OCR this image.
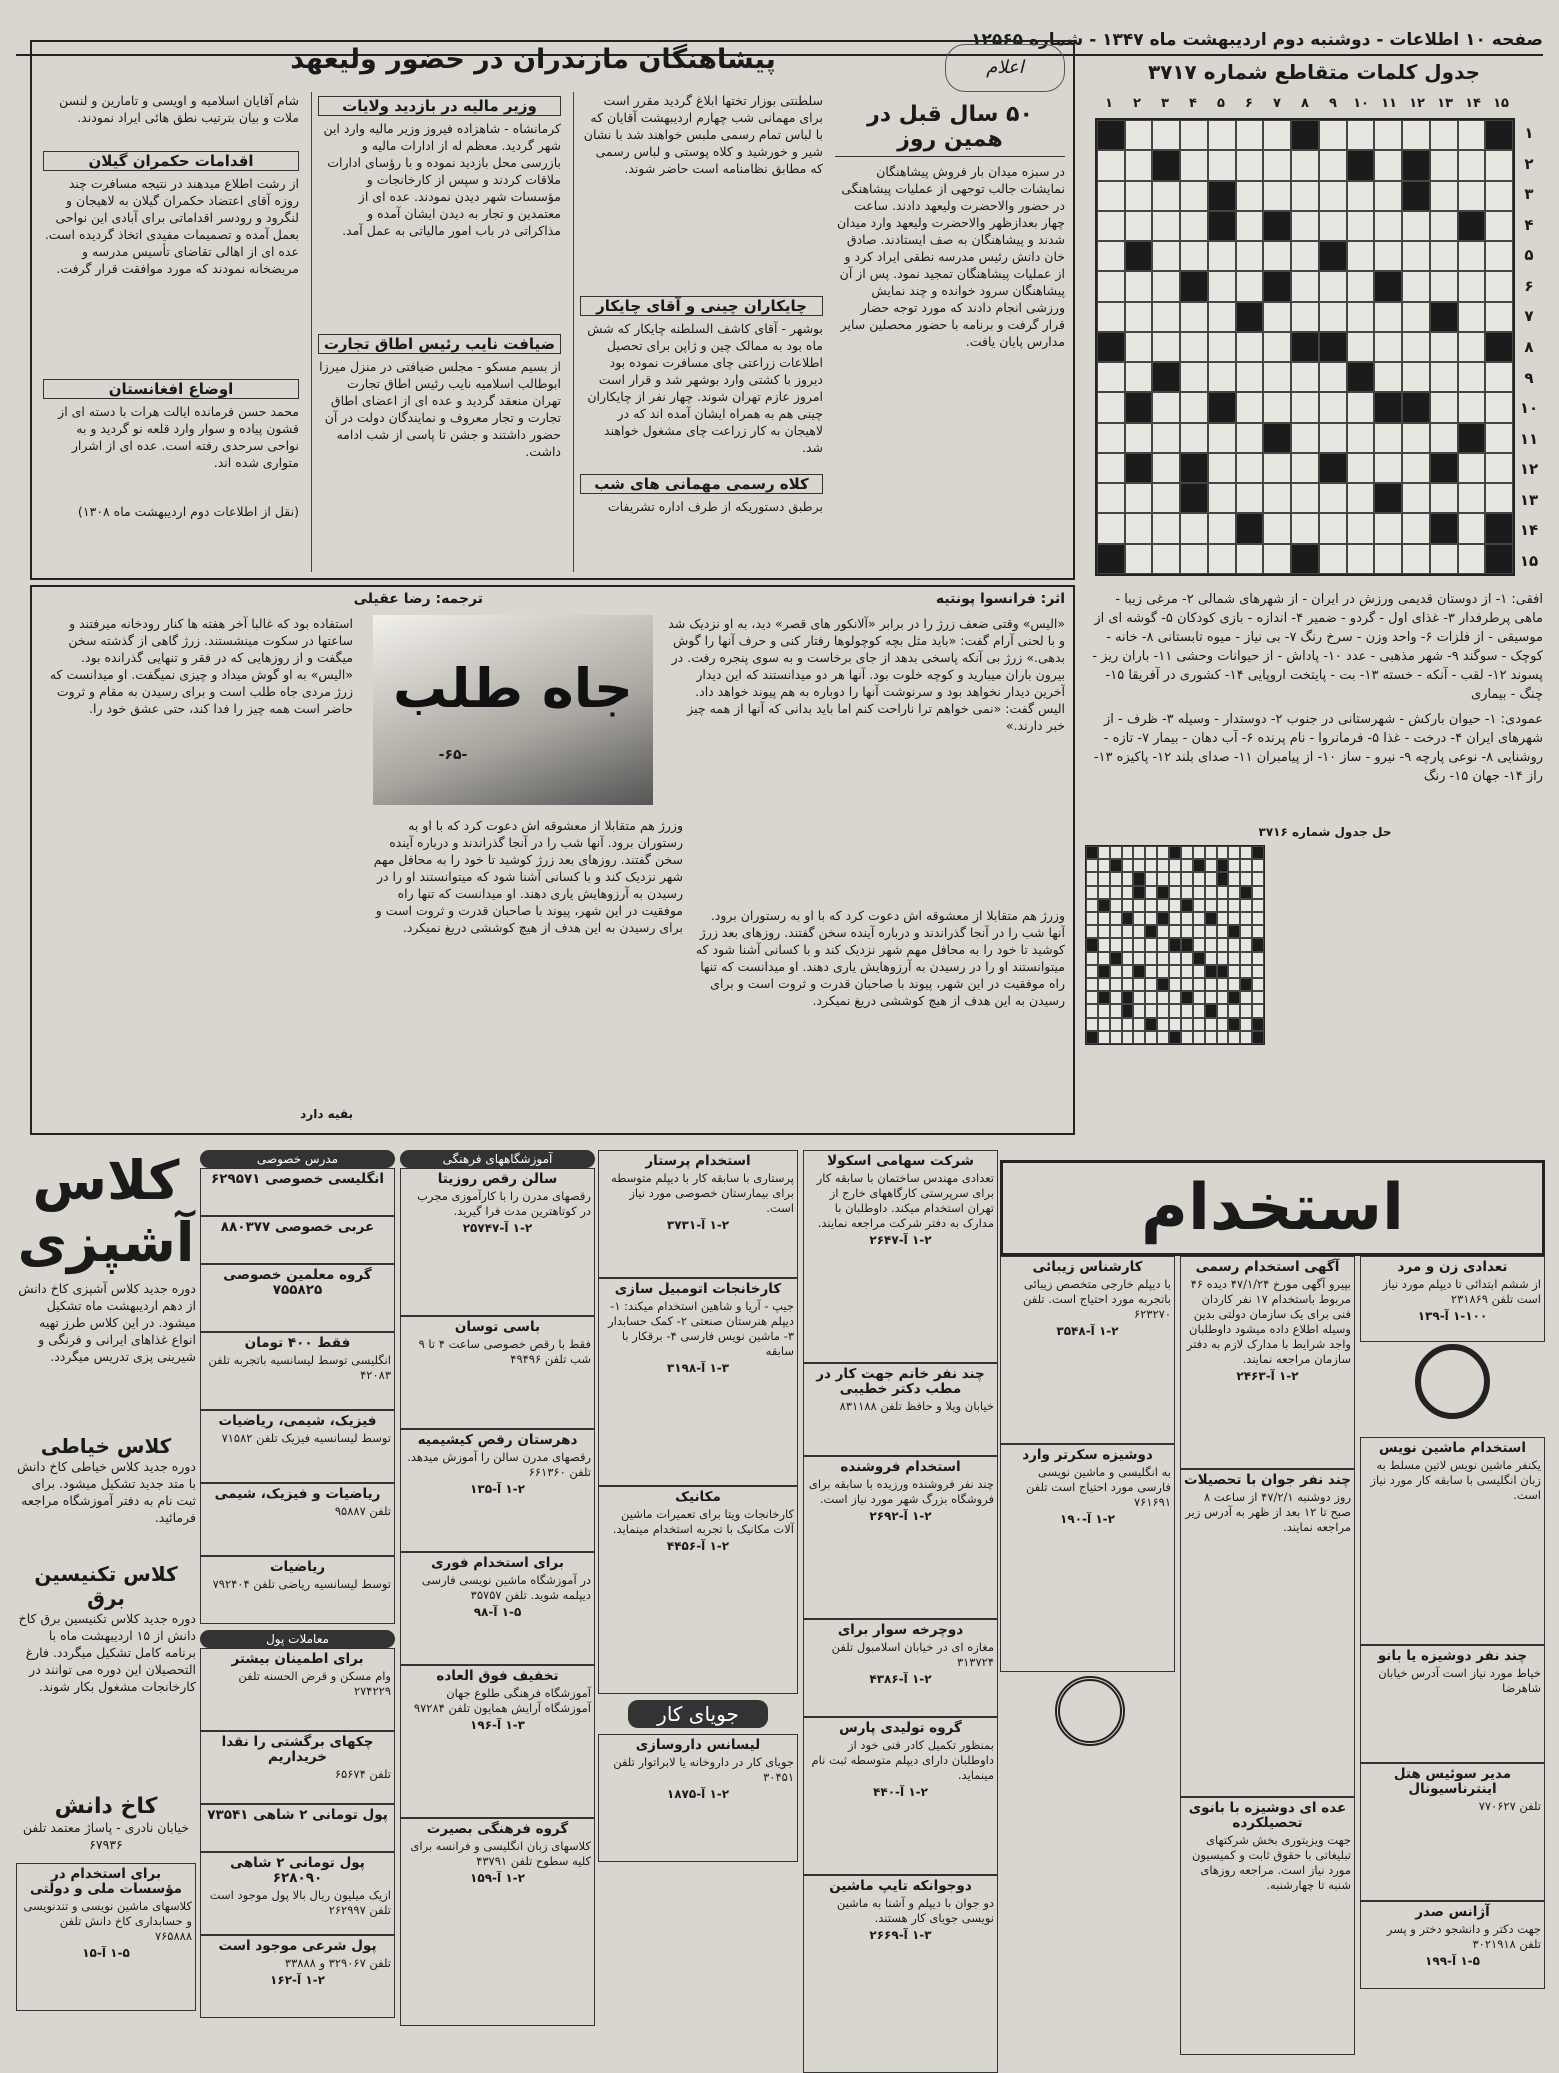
صفحه ۱۰ اطلاعات - دوشنبه دوم اردیبهشت ماه ۱۳۴۷ - شماره ۱۲۵۶۵
جدول کلمات متقاطع شماره ۳۷۱۷
۱۵
۱۴
۱۳
۱۲
۱۱
۱۰
۹
۸
۷
۶
۵
۴
۳
۲
۱
۱
۲
۳
۴
۵
۶
۷
۸
۹
۱۰
۱۱
۱۲
۱۳
۱۴
۱۵
افقی: ۱- از دوستان قدیمی ورزش در ایران - از شهرهای شمالی ۲- مرغی زیبا - ماهی پرطرفدار ۳- غذای اول - گردو - ضمیر ۴- اندازه - بازی کودکان ۵- گوشه ای از موسیقی - از فلزات ۶- واحد وزن - سرخ رنگ ۷- بی نیاز - میوه تابستانی ۸- خانه - کوچک - سوگند ۹- شهر مذهبی - عدد ۱۰- پاداش - از حیوانات وحشی ۱۱- باران ریز - پسوند ۱۲- لقب - آنکه - خسته ۱۳- بت - پایتخت اروپایی ۱۴- کشوری در آفریقا ۱۵- چنگ - بیماری
عمودی: ۱- حیوان بارکش - شهرستانی در جنوب ۲- دوستدار - وسیله ۳- ظرف - از شهرهای ایران ۴- درخت - غذا ۵- فرمانروا - نام پرنده ۶- آب دهان - بیمار ۷- تازه - روشنایی ۸- نوعی پارچه ۹- نیرو - ساز ۱۰- از پیامبران ۱۱- صدای بلند ۱۲- پاکیزه ۱۳- راز ۱۴- جهان ۱۵- رنگ
حل جدول شماره ۳۷۱۶
پیشاهنگان مازندران در حضور ولیعهد	اعلام
۵۰ سال قبل در همین روز
در سبزه میدان بار فروش پیشاهنگان نمایشات جالب توجهی از عملیات پیشاهنگی در حضور والاحضرت ولیعهد دادند. ساعت چهار بعدازظهر والاحضرت ولیعهد وارد میدان شدند و پیشاهنگان به صف ایستادند. صادق خان دانش رئیس مدرسه نطقی ایراد کرد و از عملیات پیشاهنگان تمجید نمود. پس از آن پیشاهنگان سرود خوانده و چند نمایش ورزشی انجام دادند که مورد توجه حضار قرار گرفت و برنامه با حضور محصلین سایر مدارس پایان یافت.
سلطنتی بوزار تختها ابلاغ گردید مقرر است برای مهمانی شب چهارم اردیبهشت آقایان که با لباس تمام رسمی ملبس خواهند شد با نشان شیر و خورشید و کلاه پوستی و لباس رسمی که مطابق نظامنامه است حاضر شوند.
چایکاران چینی و آقای چایکار
بوشهر - آقای کاشف السلطنه چایکار که شش ماه بود به ممالک چین و ژاپن برای تحصیل اطلاعات زراعتی چای مسافرت نموده بود دیروز با کشتی وارد بوشهر شد و قرار است امروز عازم تهران شوند. چهار نفر از چایکاران چینی هم به همراه ایشان آمده اند که در لاهیجان به کار زراعت چای مشغول خواهند شد.
کلاه رسمی مهمانی های شب
برطبق دستوریکه از طرف اداره تشریفات
وزیر مالیه در بازدید ولایات
کرمانشاه - شاهزاده فیروز وزیر مالیه وارد این شهر گردید. معظم له از ادارات مالیه و بازرسی محل بازدید نموده و با رؤسای ادارات ملاقات کردند و سپس از کارخانجات و مؤسسات شهر دیدن نمودند. عده ای از معتمدین و تجار به دیدن ایشان آمده و مذاکراتی در باب امور مالیاتی به عمل آمد.
ضیافت نایب رئیس اطاق تجارت
از بسیم مسکو - مجلس ضیافتی در منزل میرزا ابوطالب اسلامیه نایب رئیس اطاق تجارت تهران منعقد گردید و عده ای از اعضای اطاق تجارت و تجار معروف و نمایندگان دولت در آن حضور داشتند و جشن تا پاسی از شب ادامه داشت.
شام آقایان اسلامیه و اویسی و تامارین و لنسن ملات و بیان بترتیب نطق هائی ایراد نمودند.
اقدامات حکمران گیلان
از رشت اطلاع میدهند در نتیجه مسافرت چند روزه آقای اعتضاد حکمران گیلان به لاهیجان و لنگرود و رودسر اقداماتی برای آبادی این نواحی بعمل آمده و تصمیمات مفیدی اتخاذ گردیده است. عده ای از اهالی تقاضای تأسیس مدرسه و مریضخانه نمودند که مورد موافقت قرار گرفت.
اوضاع افغانستان
محمد حسن فرمانده ایالت هرات با دسته ای از قشون پیاده و سوار وارد قلعه نو گردید و به نواحی سرحدی رفته است. عده ای از اشرار متواری شده اند.
(نقل از اطلاعات دوم اردیبهشت ماه ۱۳۰۸)
اثر: فرانسوا پونتیه
ترجمه: رضا عقیلی
جاه طلب
-۶۵-
«الیس» وقتی ضعف زرژ را در برابر «آلانکور های قصر» دید، به او نزدیک شد و با لحنی آرام گفت: «باید مثل بچه کوچولوها رفتار کنی و حرف آنها را گوش بدهی.» زرژ بی آنکه پاسخی بدهد از جای برخاست و به سوی پنجره رفت. در بیرون باران میبارید و کوچه خلوت بود. آنها هر دو میدانستند که این دیدار آخرین دیدار نخواهد بود و سرنوشت آنها را دوباره به هم پیوند خواهد داد. الیس گفت: «نمی خواهم ترا ناراحت کنم اما باید بدانی که آنها از همه چیز خبر دارند.»
وزرژ هم متقابلا از معشوقه اش دعوت کرد که با او به رستوران برود. آنها شب را در آنجا گذراندند و درباره آینده سخن گفتند. روزهای بعد زرژ کوشید تا خود را به محافل مهم شهر نزدیک کند و با کسانی آشنا شود که میتوانستند او را در رسیدن به آرزوهایش یاری دهند. او میدانست که تنها راه موفقیت در این شهر، پیوند با صاحبان قدرت و ثروت است و برای رسیدن به این هدف از هیچ کوششی دریغ نمیکرد.
وزرژ هم متقابلا از معشوقه اش دعوت کرد که با او به رستوران برود. آنها شب را در آنجا گذراندند و درباره آینده سخن گفتند. روزهای بعد زرژ کوشید تا خود را به محافل مهم شهر نزدیک کند و با کسانی آشنا شود که میتوانستند او را در رسیدن به آرزوهایش یاری دهند. او میدانست که تنها راه موفقیت در این شهر، پیوند با صاحبان قدرت و ثروت است و برای رسیدن به این هدف از هیچ کوششی دریغ نمیکرد.
استفاده بود که غالبا آخر هفته ها کنار رودخانه میرفتند و ساعتها در سکوت مینشستند. زرژ گاهی از گذشته سخن میگفت و از روزهایی که در فقر و تنهایی گذرانده بود. «الیس» به او گوش میداد و چیزی نمیگفت. او میدانست که زرژ مردی جاه طلب است و برای رسیدن به مقام و ثروت حاضر است همه چیز را فدا کند، حتی عشق خود را.
بقیه دارد
استخدام
تعدادی زن و مرد
از ششم ابتدائی تا دیپلم مورد نیاز است تلفن ۲۳۱۸۶۹
۱-۱۰۰ آ-۱۳۹
استخدام ماشین نویس
یکنفر ماشین نویس لاتین مسلط به زبان انگلیسی با سابقه کار مورد نیاز است.
چند نفر دوشیزه یا بانو
خیاط مورد نیاز است آدرس خیابان شاهرضا
مدیر سوئیس هتل اینترناسیونال
تلفن ۷۷۰۶۲۷
آژانس صدر
جهت دکتر و دانشجو دختر و پسر تلفن ۳۰۲۱۹۱۸
۱-۵ آ-۱۹۹
آگهی استخدام رسمی
بپیرو آگهی مورخ ۴۷/۱/۲۴ دیده ۴۶ مربوط باستخدام ۱۷ نفر کاردان فنی برای یک سازمان دولتی بدین وسیله اطلاع داده میشود داوطلبان واجد شرایط با مدارک لازم به دفتر سازمان مراجعه نمایند.
۱-۲ آ-۲۴۶۳
چند نفر جوان با تحصیلات
روز دوشنبه ۴۷/۲/۱ از ساعت ۸ صبح تا ۱۲ بعد از ظهر به آدرس زیر مراجعه نمایند.
عده ای دوشیزه با بانوی تحصیلکرده
جهت ویزیتوری بخش شرکتهای تبلیغاتی با حقوق ثابت و کمیسیون مورد نیاز است. مراجعه روزهای شنبه تا چهارشنبه.
کارشناس زیبائی
با دیپلم خارجی متخصص زیبائی باتجربه مورد احتیاج است. تلفن ۶۲۳۲۷۰
۱-۲ آ-۳۵۴۸
دوشیزه سکرتر وارد
به انگلیسی و ماشین نویسی فارسی مورد احتیاج است تلفن ۷۶۱۶۹۱
۱-۲ آ-۱۹۰
شرکت سهامی اسکولا
تعدادی مهندس ساختمان با سابقه کار برای سرپرستی کارگاههای خارج از تهران استخدام میکند. داوطلبان با مدارک به دفتر شرکت مراجعه نمایند.
۱-۲ آ-۲۶۴۷
چند نفر خانم جهت کار در مطب دکتر خطیبی
خیابان ویلا و حافظ تلفن ۸۳۱۱۸۸
استخدام فروشنده
چند نفر فروشنده ورزیده با سابقه برای فروشگاه بزرگ شهر مورد نیاز است.
۱-۲ آ-۲۶۹۲
دوچرخه سوار برای
مغازه ای در خیابان اسلامبول تلفن ۳۱۳۷۲۴
۱-۲ آ-۴۳۸۶
گروه تولیدی پارس
بمنظور تکمیل کادر فنی خود از داوطلبان دارای دیپلم متوسطه ثبت نام مینماید.
۱-۲ آ-۴۴۰
دوجوانکه تایپ ماشین
دو جوان با دیپلم و آشنا به ماشین نویسی جویای کار هستند.
۱-۳ آ-۲۶۶۹
استخدام پرستار
پرستاری با سابقه کار با دیپلم متوسطه برای بیمارستان خصوصی مورد نیاز است.
۱-۲ آ-۳۷۳۱
کارخانجات اتومبیل سازی
جیپ - آریا و شاهین استخدام میکند: ۱- دیپلم هنرستان صنعتی ۲- کمک حسابدار ۳- ماشین نویس فارسی ۴- برقکار با سابقه
۱-۳ آ-۳۱۹۸
مکانیک
کارخانجات ویتا برای تعمیرات ماشین آلات مکانیک با تجربه استخدام مینماید.
۱-۲ آ-۴۴۵۶
جویای کار
لیسانس داروسازی
جویای کار در داروخانه یا لابراتوار تلفن ۳۰۴۵۱
۱-۲ آ-۱۸۷۵
آموزشگاههای فرهنگی
سالن رقص روزیتا
رقصهای مدرن را با کارآموزی مجرب در کوتاهترین مدت فرا گیرید.
۱-۲ آ-۲۵۷۴۷
باسی توسان
فقط با رقص خصوصی ساعت ۴ تا ۹ شب تلفن ۴۹۴۹۶
دهرستان رقص کیشیمیه
رقصهای مدرن سالن را آموزش میدهد. تلفن ۶۶۱۳۶۰
۱-۲ آ-۱۳۵
برای استخدام فوری
در آموزشگاه ماشین نویسی فارسی دیپلمه شوید. تلفن ۳۵۷۵۷
۱-۵ آ-۹۸
تخفیف فوق العاده
آموزشگاه فرهنگی طلوع جهان آموزشگاه آرایش همایون تلفن ۹۷۲۸۴
۱-۳ آ-۱۹۶
گروه فرهنگی بصیرت
کلاسهای زبان انگلیسی و فرانسه برای کلیه سطوح تلفن ۴۳۷۹۱
۱-۲ آ-۱۵۹
مدرس خصوصی
انگلیسی خصوصی ۶۲۹۵۷۱
عربی خصوصی ۸۸۰۳۷۷
گروه معلمین خصوصی ۷۵۵۸۲۵
فقط ۴۰۰ تومان
انگلیسی توسط لیسانسیه باتجربه تلفن ۴۲۰۸۳
فیزیک، شیمی، ریاضیات
توسط لیسانسیه فیزیک تلفن ۷۱۵۸۲
ریاضیات و فیزیک، شیمی
تلفن ۹۵۸۸۷
ریاضیات
توسط لیسانسیه ریاضی تلفن ۷۹۲۴۰۴
معاملات پول
برای اطمینان بیشتر
وام مسکن و قرض الحسنه تلفن ۲۷۴۲۲۹
چکهای برگشتی را نقدا خریداریم
تلفن ۶۵۶۷۴
پول تومانی ۲ شاهی ۷۳۵۴۱
پول تومانی ۲ شاهی ۶۲۸۰۹۰
ازیک میلیون ریال بالا پول موجود است تلفن ۲۶۲۹۹۷
پول شرعی موجود است
تلفن ۳۲۹۰۶۷ و ۳۳۸۸۸
۱-۲ آ-۱۶۲
کلاس آشپزی
دوره جدید کلاس آشپزی کاخ دانش از دهم اردیبهشت ماه تشکیل میشود. در این کلاس طرز تهیه انواع غذاهای ایرانی و فرنگی و شیرینی پزی تدریس میگردد.
کلاس خیاطی
دوره جدید کلاس خیاطی کاخ دانش با متد جدید تشکیل میشود. برای ثبت نام به دفتر آموزشگاه مراجعه فرمائید.
کلاس تکنیسین برق
دوره جدید کلاس تکنیسین برق کاخ دانش از ۱۵ اردیبهشت ماه با برنامه کامل تشکیل میگردد. فارغ التحصیلان این دوره می توانند در کارخانجات مشغول بکار شوند.
کاخ دانش
خیابان نادری - پاساژ معتمد تلفن ۶۷۹۳۶
برای استخدام در مؤسسات ملی و دولتی
کلاسهای ماشین نویسی و تندنویسی و حسابداری کاخ دانش تلفن ۷۶۵۸۸۸
۱-۵ آ-۱۵
